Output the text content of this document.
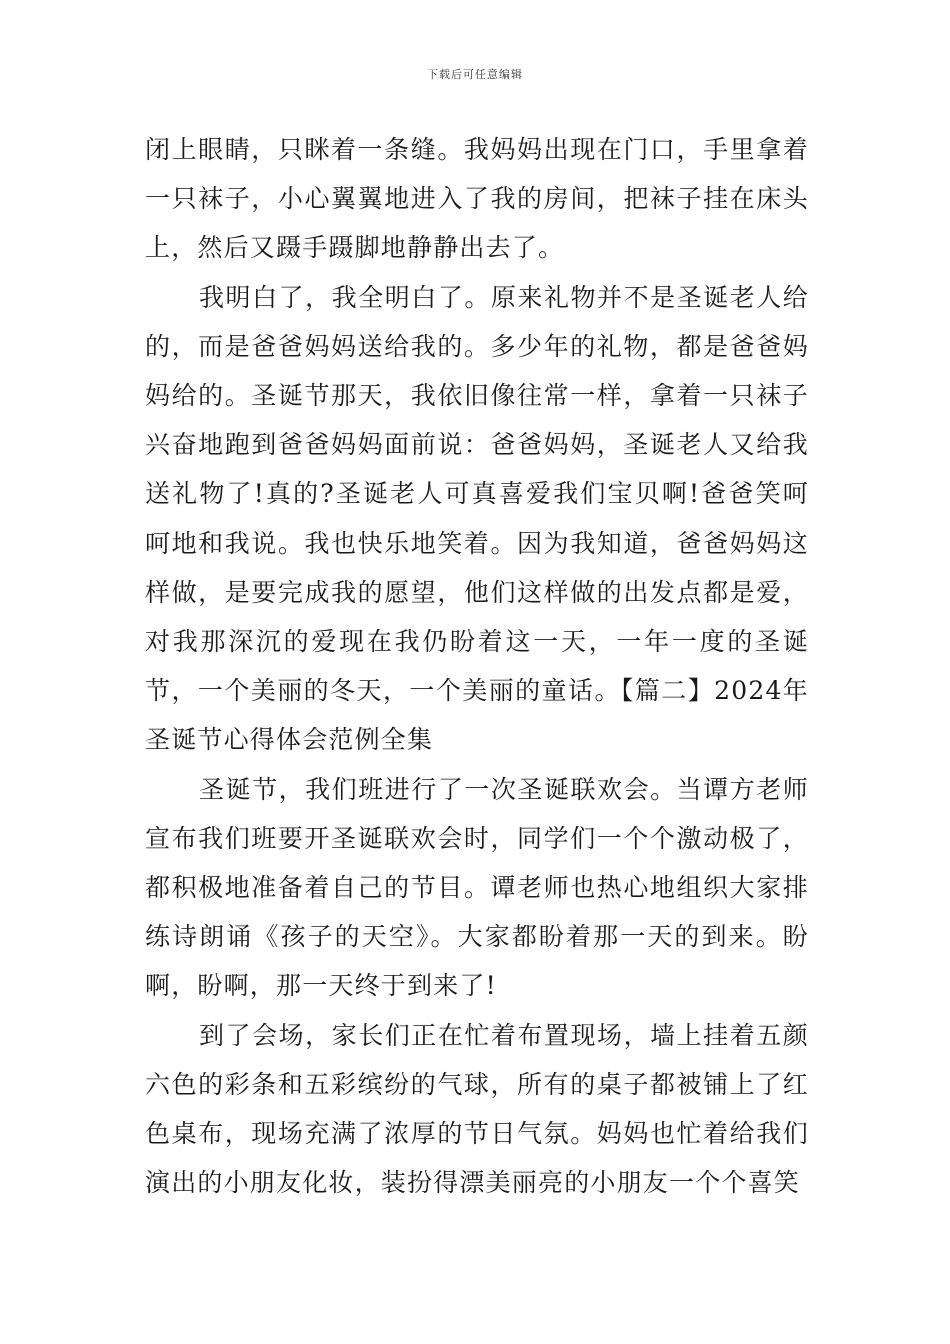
下载后可任意编辑

闭上眼睛，只眯着一条缝。我妈妈出现在门口，手里拿着一只袜子，小心翼翼地进入了我的房间，把袜子挂在床头上，然后又蹑手蹑脚地静静出去了。

我明白了，我全明白了。原来礼物并不是圣诞老人给的，而是爸爸妈妈送给我的。多少年的礼物，都是爸爸妈妈给的。圣诞节那天，我依旧像往常一样，拿着一只袜子兴奋地跑到爸爸妈妈面前说：爸爸妈妈，圣诞老人又给我送礼物了!真的?圣诞老人可真喜爱我们宝贝啊!爸爸笑呵呵地和我说。我也快乐地笑着。因为我知道，爸爸妈妈这样做，是要完成我的愿望，他们这样做的出发点都是爱，对我那深沉的爱现在我仍盼着这一天，一年一度的圣诞节，一个美丽的冬天，一个美丽的童话。【篇二】2024年圣诞节心得体会范例全集

圣诞节，我们班进行了一次圣诞联欢会。当谭方老师宣布我们班要开圣诞联欢会时，同学们一个个激动极了，都积极地准备着自己的节目。谭老师也热心地组织大家排练诗朗诵《孩子的天空》。大家都盼着那一天的到来。盼啊，盼啊，那一天终于到来了!

到了会场，家长们正在忙着布置现场，墙上挂着五颜六色的彩条和五彩缤纷的气球，所有的桌子都被铺上了红色桌布，现场充满了浓厚的节日气氛。妈妈也忙着给我们演出的小朋友化妆，装扮得漂美丽亮的小朋友一个个喜笑
